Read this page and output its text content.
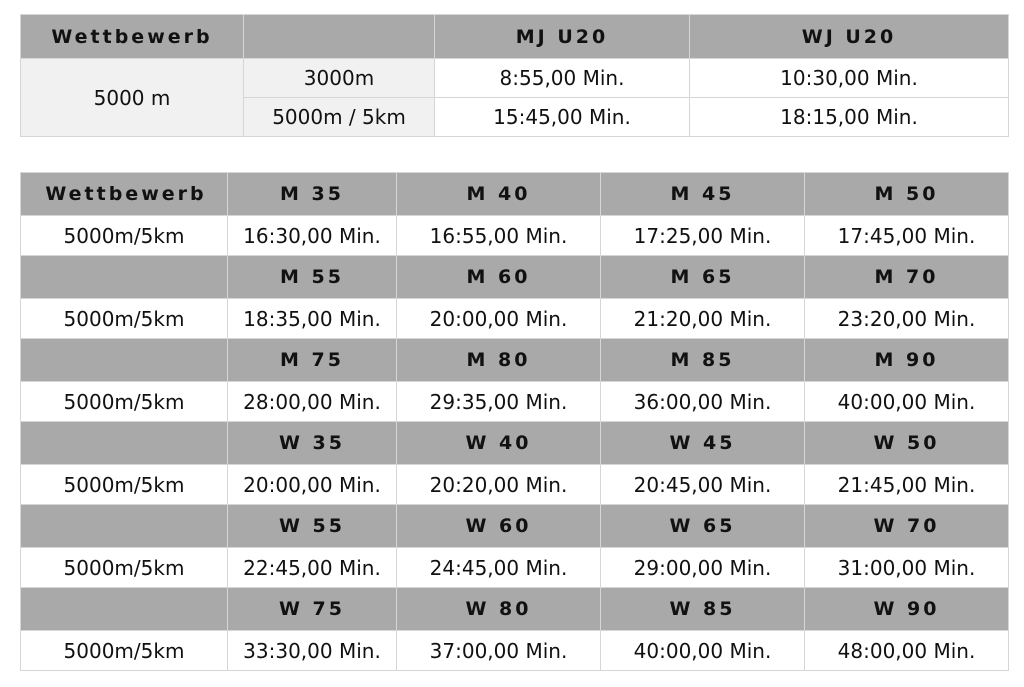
Wettbewerb		MJ U20	WJ U20
5000 m	3000m	8:55,00 Min.	10:30,00 Min.
	5000m / 5km	15:45,00 Min.	18:15,00 Min.
Wettbewerb	M 35	M 40	M 45	M 50
5000m/5km	16:30,00 Min.	16:55,00 Min.	17:25,00 Min.	17:45,00 Min.
	M 55	M 60	M 65	M 70
5000m/5km	18:35,00 Min.	20:00,00 Min.	21:20,00 Min.	23:20,00 Min.
	M 75	M 80	M 85	M 90
5000m/5km	28:00,00 Min.	29:35,00 Min.	36:00,00 Min.	40:00,00 Min.
	W 35	W 40	W 45	W 50
5000m/5km	20:00,00 Min.	20:20,00 Min.	20:45,00 Min.	21:45,00 Min.
	W 55	W 60	W 65	W 70
5000m/5km	22:45,00 Min.	24:45,00 Min.	29:00,00 Min.	31:00,00 Min.
	W 75	W 80	W 85	W 90
5000m/5km	33:30,00 Min.	37:00,00 Min.	40:00,00 Min.	48:00,00 Min.
